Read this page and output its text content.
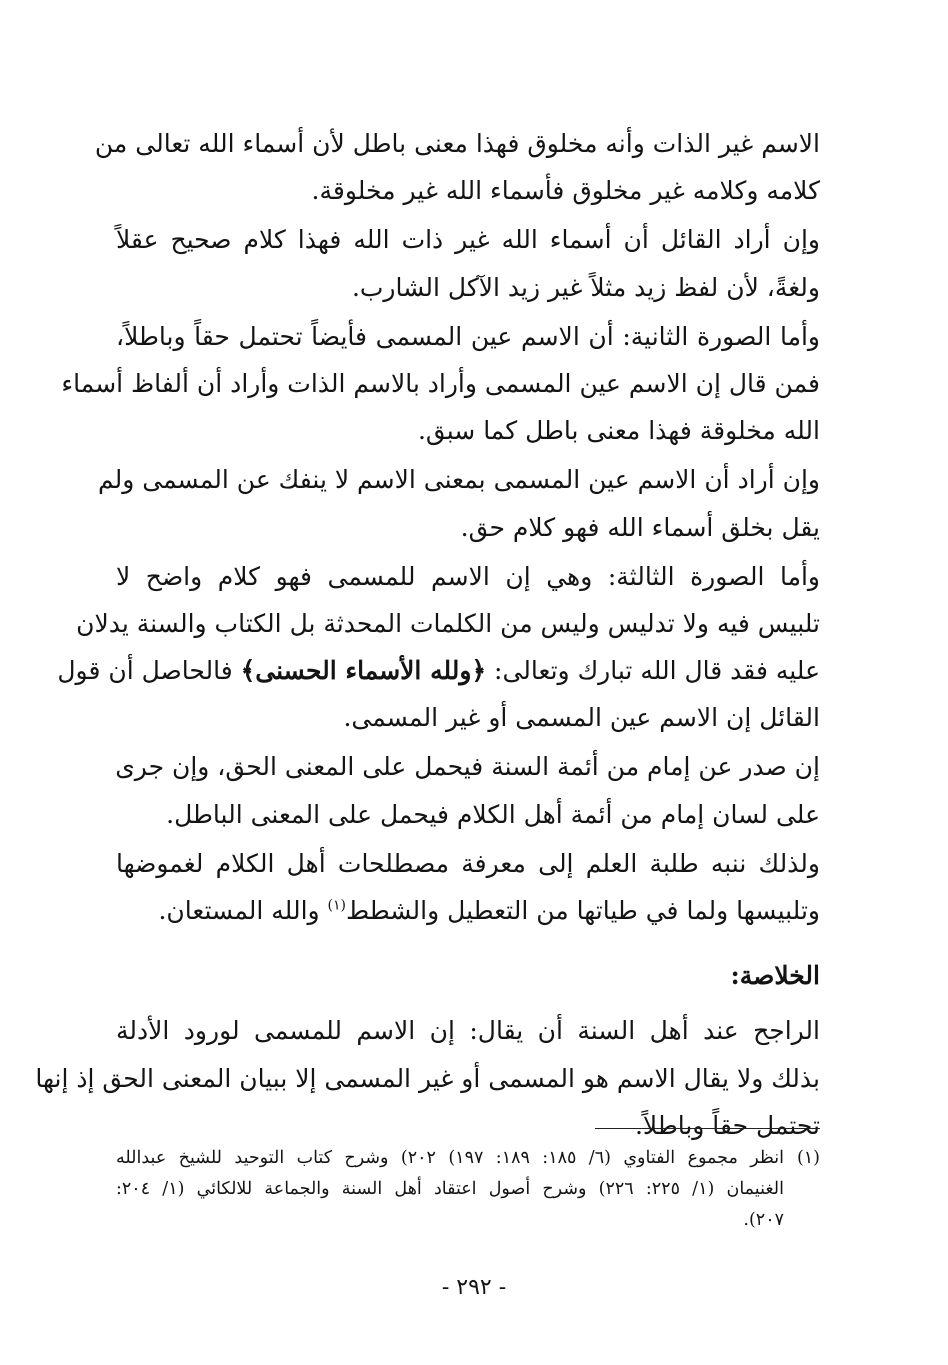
الاسم غير الذات وأنه مخلوق فهذا معنى باطل لأن أسماء الله تعالى من
كلامه وكلامه غير مخلوق فأسماء الله غير مخلوقة.
وإن أراد القائل أن أسماء الله غير ذات الله فهذا كلام صحيح عقلاً
ولغةً، لأن لفظ زيد مثلاً غير زيد الآكل الشارب.
وأما الصورة الثانية: أن الاسم عين المسمى فأيضاً تحتمل حقاً وباطلاً،
فمن قال إن الاسم عين المسمى وأراد بالاسم الذات وأراد أن ألفاظ أسماء
الله مخلوقة فهذا معنى باطل كما سبق.
وإن أراد أن الاسم عين المسمى بمعنى الاسم لا ينفك عن المسمى ولم
يقل بخلق أسماء الله فهو كلام حق.
وأما الصورة الثالثة: وهي إن الاسم للمسمى فهو كلام واضح لا
تلبيس فيه ولا تدليس وليس من الكلمات المحدثة بل الكتاب والسنة يدلان
عليه فقد قال الله تبارك وتعالى: ﴿ولله الأسماء الحسنى﴾ فالحاصل أن قول
القائل إن الاسم عين المسمى أو غير المسمى.
إن صدر عن إمام من أئمة السنة فيحمل على المعنى الحق، وإن جرى
على لسان إمام من أئمة أهل الكلام فيحمل على المعنى الباطل.
ولذلك ننبه طلبة العلم إلى معرفة مصطلحات أهل الكلام لغموضها
وتلبيسها ولما في طياتها من التعطيل والشطط$^{(١)}$ والله المستعان.
الخلاصة:
الراجح عند أهل السنة أن يقال: إن الاسم للمسمى لورود الأدلة
بذلك ولا يقال الاسم هو المسمى أو غير المسمى إلا ببيان المعنى الحق إذ إنها
تحتمل حقاً وباطلاً.
(١)انظر مجموع الفتاوي (٦/ ١٨٥: ١٨٩: ١٩٧) ٢٠٢) وشرح كتاب التوحيد للشيخ عبدالله
الغنيمان (١/ ٢٢٥: ٢٢٦) وشرح أصول اعتقاد أهل السنة والجماعة للالكائي (١/ ٢٠٤:
٢٠٧).
- ٢٩٢ -
